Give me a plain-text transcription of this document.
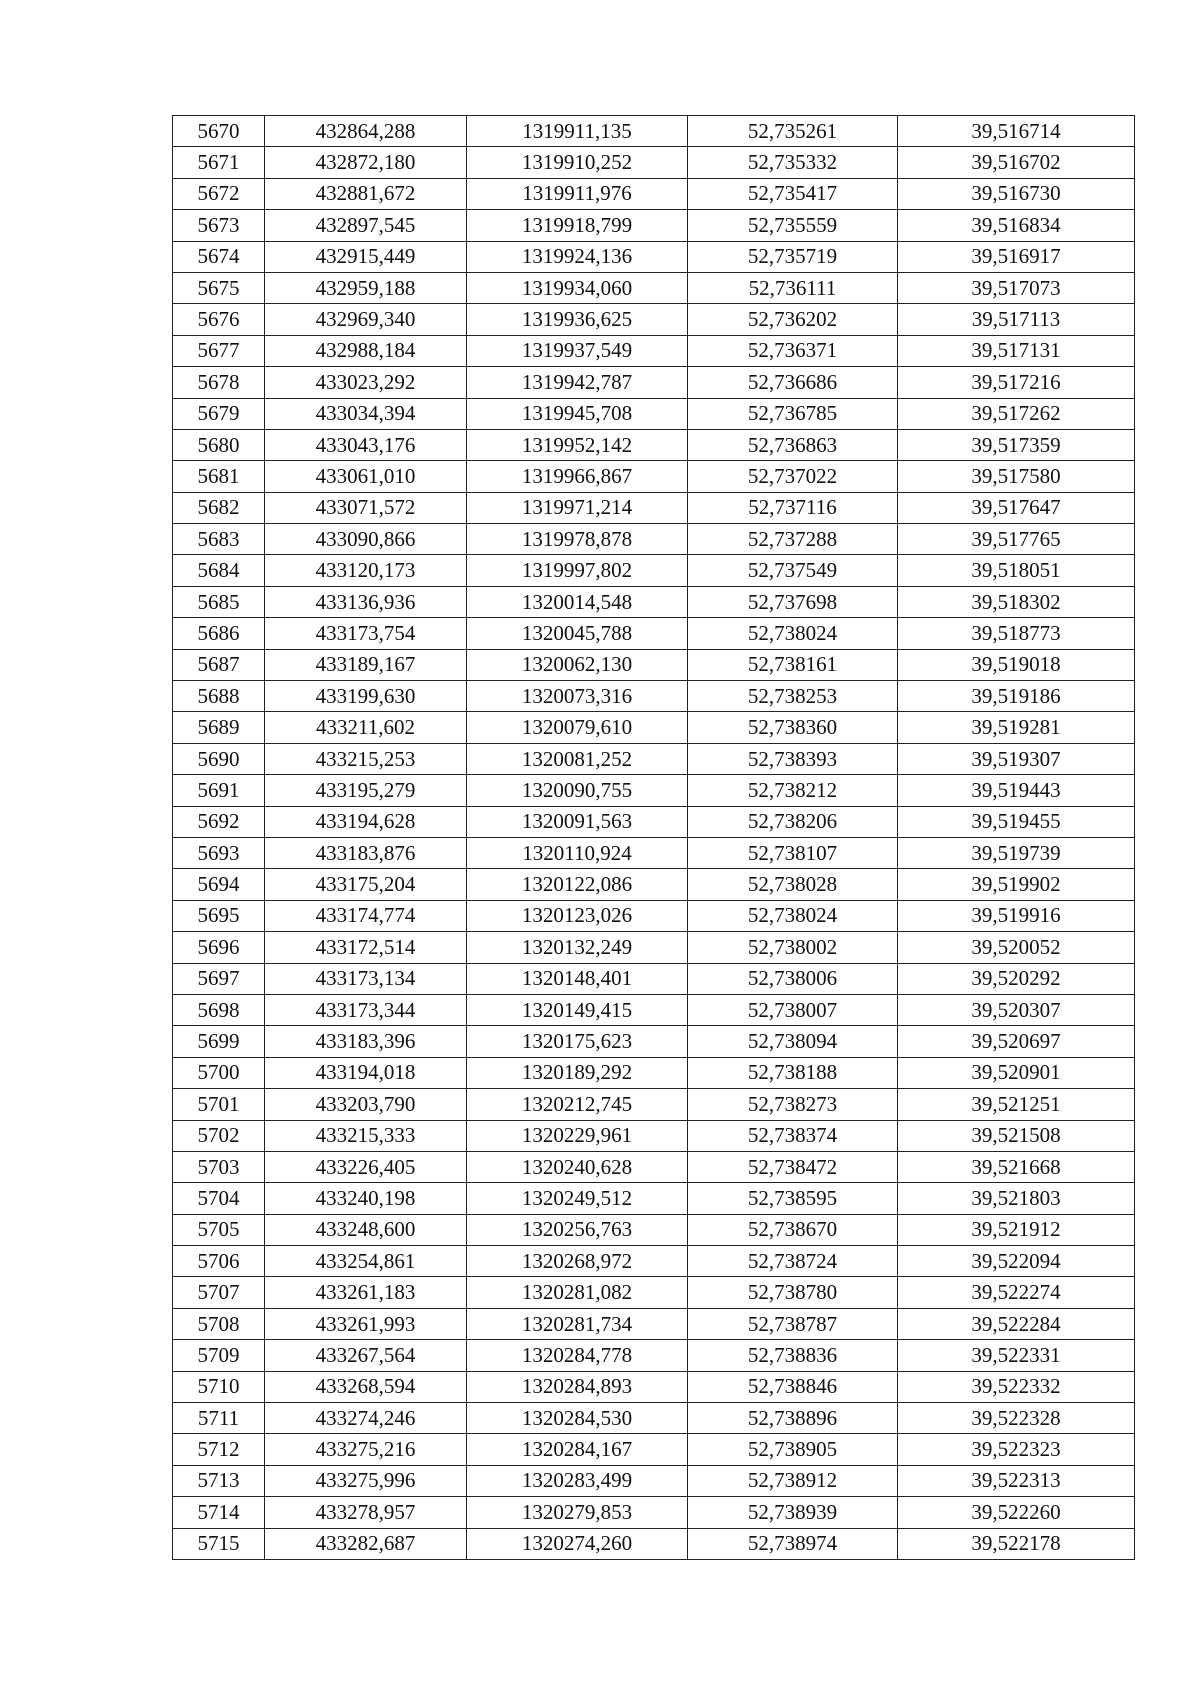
5670	432864,288	1319911,135	52,735261	39,516714
5671	432872,180	1319910,252	52,735332	39,516702
5672	432881,672	1319911,976	52,735417	39,516730
5673	432897,545	1319918,799	52,735559	39,516834
5674	432915,449	1319924,136	52,735719	39,516917
5675	432959,188	1319934,060	52,736111	39,517073
5676	432969,340	1319936,625	52,736202	39,517113
5677	432988,184	1319937,549	52,736371	39,517131
5678	433023,292	1319942,787	52,736686	39,517216
5679	433034,394	1319945,708	52,736785	39,517262
5680	433043,176	1319952,142	52,736863	39,517359
5681	433061,010	1319966,867	52,737022	39,517580
5682	433071,572	1319971,214	52,737116	39,517647
5683	433090,866	1319978,878	52,737288	39,517765
5684	433120,173	1319997,802	52,737549	39,518051
5685	433136,936	1320014,548	52,737698	39,518302
5686	433173,754	1320045,788	52,738024	39,518773
5687	433189,167	1320062,130	52,738161	39,519018
5688	433199,630	1320073,316	52,738253	39,519186
5689	433211,602	1320079,610	52,738360	39,519281
5690	433215,253	1320081,252	52,738393	39,519307
5691	433195,279	1320090,755	52,738212	39,519443
5692	433194,628	1320091,563	52,738206	39,519455
5693	433183,876	1320110,924	52,738107	39,519739
5694	433175,204	1320122,086	52,738028	39,519902
5695	433174,774	1320123,026	52,738024	39,519916
5696	433172,514	1320132,249	52,738002	39,520052
5697	433173,134	1320148,401	52,738006	39,520292
5698	433173,344	1320149,415	52,738007	39,520307
5699	433183,396	1320175,623	52,738094	39,520697
5700	433194,018	1320189,292	52,738188	39,520901
5701	433203,790	1320212,745	52,738273	39,521251
5702	433215,333	1320229,961	52,738374	39,521508
5703	433226,405	1320240,628	52,738472	39,521668
5704	433240,198	1320249,512	52,738595	39,521803
5705	433248,600	1320256,763	52,738670	39,521912
5706	433254,861	1320268,972	52,738724	39,522094
5707	433261,183	1320281,082	52,738780	39,522274
5708	433261,993	1320281,734	52,738787	39,522284
5709	433267,564	1320284,778	52,738836	39,522331
5710	433268,594	1320284,893	52,738846	39,522332
5711	433274,246	1320284,530	52,738896	39,522328
5712	433275,216	1320284,167	52,738905	39,522323
5713	433275,996	1320283,499	52,738912	39,522313
5714	433278,957	1320279,853	52,738939	39,522260
5715	433282,687	1320274,260	52,738974	39,522178
